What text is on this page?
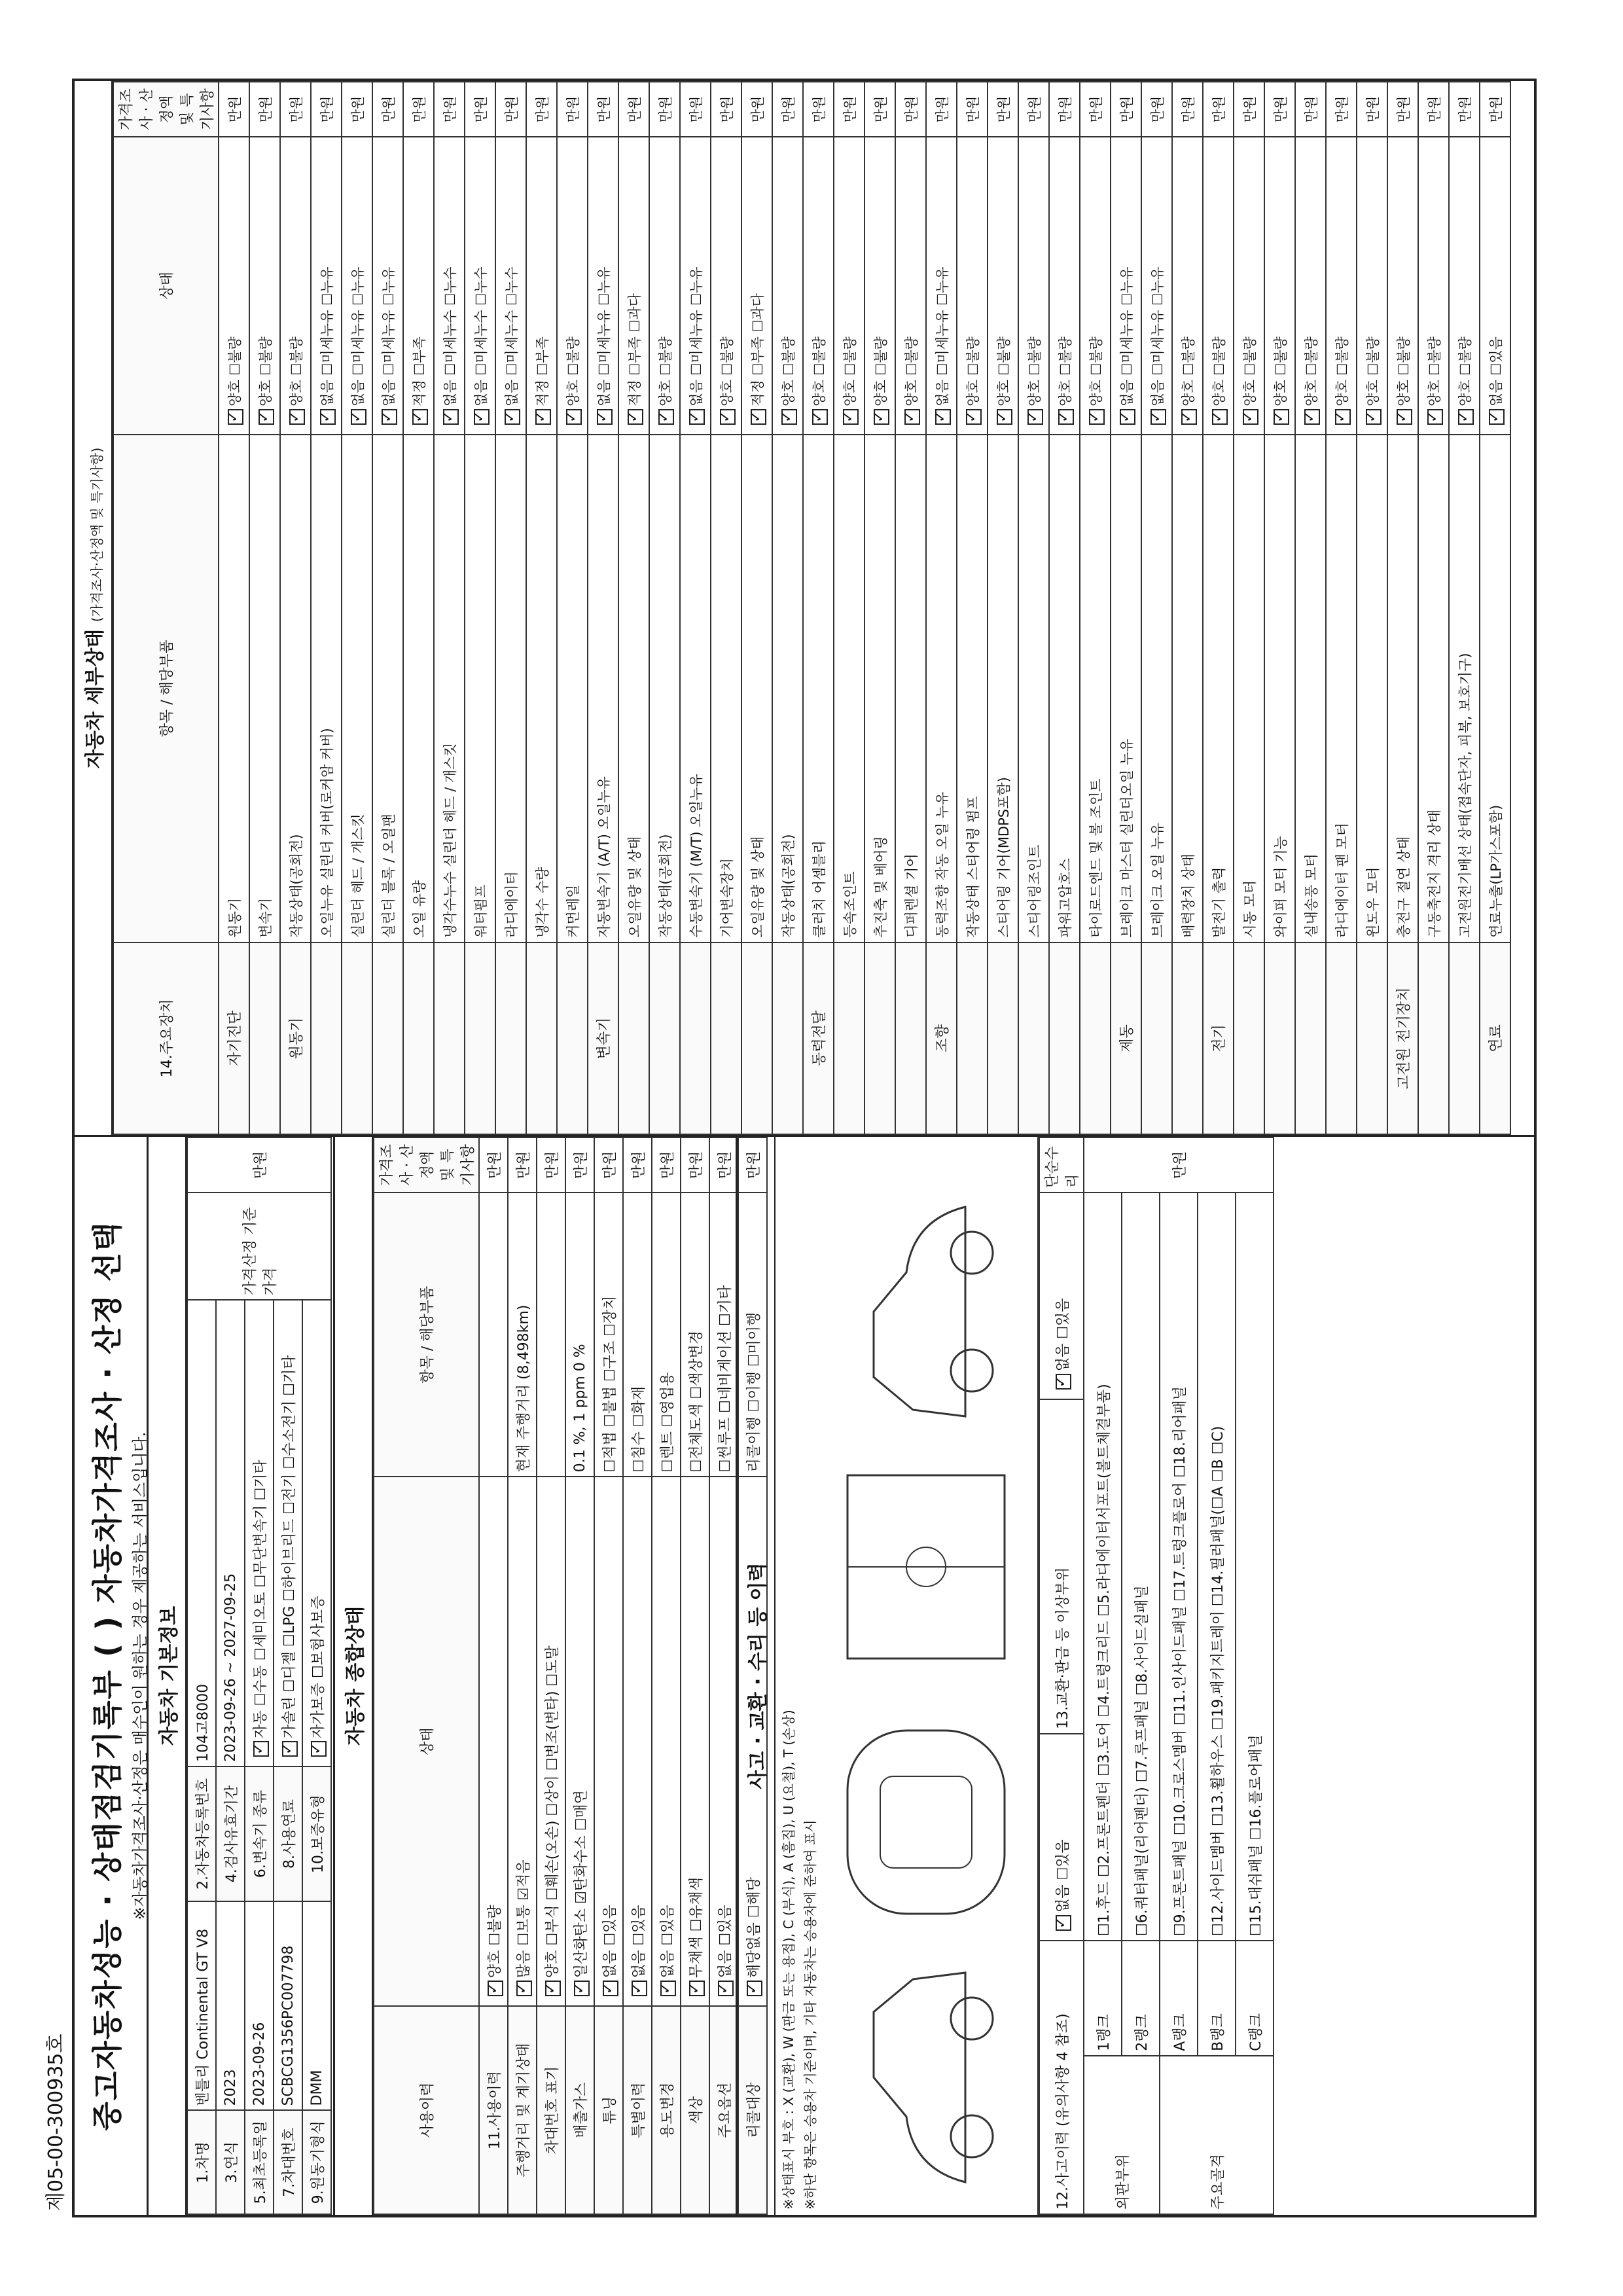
제05-00-300935호 중고자동차성능 · 상태점검기록부 ( ) 자동차가격조사 · 산정 선택 ※자동차가격조사·산정은 매수인이 원하는 경우 제공하는 서비스입니다. 자동차 기본정보
1.차명	벤틀리 Continental GT V8	2.자동차등록번호	104고8000	가격산정 기준가격	만원
3.연식	2023	4.검사유효기간	2023-09-26 ~ 2027-09-25		
5.최초등록일	2023-09-26	6.변속기 종류	✓자동 ☐수동 ☐세미오토 ☐무단변속기 ☐기타
7.차대번호	SCBCG1356PC007798	8.사용연료	✓가솔린 ☐디젤 ☐LPG ☐하이브리드 ☐전기 ☐수소전기 ☐기타
9.원동기형식	DMM	10.보증유형	✓자가보증 ☐보험사보증 자동차 종합상태
사용이력	상태	항목 / 해당부품	가격조사 · 산정액 및 특기사항
11.사용이력	✓양호 ☐불량		만원
주행거리 및 계기상태	✓많음 ☐보통 ☑적음	현재 주행거리 (8,498km)	만원
차대번호 표기	✓양호 ☐부식 ☐훼손(오손) ☐상이 ☐변조(변타) ☐도말		만원
배출가스	✓일산화탄소 ☑탄화수소 ☐매연	0.1 %, 1 ppm 0 %	만원
튜닝	✓없음 ☐있음	☐적법 ☐불법 ☐구조 ☐장치	만원
특별이력	✓없음 ☐있음	☐침수 ☐화재	만원
용도변경	✓없음 ☐있음	☐렌트 ☐영업용	만원
색상	✓무채색 ☐유채색	☐전체도색 ☐색상변경	만원
주요옵션	✓없음 ☐있음	☐썬루프 ☐네비게이션 ☐기타	만원
리콜대상	✓해당없음 ☐해당	리콜이행 ☐이행 ☐미이행	만원
사고 · 교환 · 수리 등 이력
※상태표시 부호 : X (교환), W (판금 또는 용접), C (부식), A (흠집), U (요철), T (손상) ※하단 항목은 승용차 기준이며, 기타 자동차는 승용차에 준하여 표시	12.사고이력 (유의사항 4 참조)	✓없음 ☐있음	13.교환·판금 등 이상부위	✓없음 ☐있음	단순수리
외판부위	1랭크	☐1.후드 ☐2.프론트펜더 ☐3.도어 ☐4.트렁크리드 ☐5.라디에이터서포트(볼트체결부품)			만원
	2랭크	☐6.쿼터패널(리어펜더) ☐7.루프패널 ☐8.사이드실패널			
주요골격	A랭크	☐9.프론트패널 ☐10.크로스멤버 ☐11.인사이드패널 ☐17.트렁크플로어 ☐18.리어패널			
	B랭크	☐12.사이드멤버 ☐13.휠하우스 ☐19.패키지트레이 ☐14.필러패널(☐A ☐B ☐C)			
	C랭크	☐15.대쉬패널 ☐16.플로어패널			
자동차 세부상태 (가격조사·산정액 및 특기사항)
14.주요장치	항목 / 해당부품	상태	가격조사 · 산정액 및 특기사항
자기진단	원동기	✓양호 ☐불량	만원
	변속기	✓양호 ☐불량	만원
원동기	작동상태(공회전)	✓양호 ☐불량	만원
	오일누유 실린더 커버(로커암 커버)	✓없음 ☐미세누유 ☐누유	만원
	실린더 헤드 / 개스킷	✓없음 ☐미세누유 ☐누유	만원
	실린더 블록 / 오일팬	✓없음 ☐미세누유 ☐누유	만원
	오일 유량	✓적정 ☐부족	만원
	냉각수누수 실린더 헤드 / 개스킷	✓없음 ☐미세누수 ☐누수	만원
	워터펌프	✓없음 ☐미세누수 ☐누수	만원
	라디에이터	✓없음 ☐미세누수 ☐누수	만원
	냉각수 수량	✓적정 ☐부족	만원
	커먼레일	✓양호 ☐불량	만원
변속기	자동변속기 (A/T) 오일누유	✓없음 ☐미세누유 ☐누유	만원
	오일유량 및 상태	✓적정 ☐부족 ☐과다	만원
	작동상태(공회전)	✓양호 ☐불량	만원
	수동변속기 (M/T) 오일누유	✓없음 ☐미세누유 ☐누유	만원
	기어변속장치	✓양호 ☐불량	만원
	오일유량 및 상태	✓적정 ☐부족 ☐과다	만원
	작동상태(공회전)	✓양호 ☐불량	만원
동력전달	클러치 어셈블리	✓양호 ☐불량	만원
	등속조인트	✓양호 ☐불량	만원
	추진축 및 베어링	✓양호 ☐불량	만원
	디퍼렌셜 기어	✓양호 ☐불량	만원
조향	동력조향 작동 오일 누유	✓없음 ☐미세누유 ☐누유	만원
	작동상태 스티어링 펌프	✓양호 ☐불량	만원
	스티어링 기어(MDPS포함)	✓양호 ☐불량	만원
	스티어링조인트	✓양호 ☐불량	만원
	파워고압호스	✓양호 ☐불량	만원
	타이로드엔드 및 볼 조인트	✓양호 ☐불량	만원
제동	브레이크 마스터 실린더오일 누유	✓없음 ☐미세누유 ☐누유	만원
	브레이크 오일 누유	✓없음 ☐미세누유 ☐누유	만원
	배력장치 상태	✓양호 ☐불량	만원
전기	발전기 출력	✓양호 ☐불량	만원
	시동 모터	✓양호 ☐불량	만원
	와이퍼 모터 기능	✓양호 ☐불량	만원
	실내송풍 모터	✓양호 ☐불량	만원
	라디에이터 팬 모터	✓양호 ☐불량	만원
	윈도우 모터	✓양호 ☐불량	만원
고전원 전기장치	충전구 절연 상태	✓양호 ☐불량	만원
	구동축전지 격리 상태	✓양호 ☐불량	만원
	고전원전기배선 상태(접속단자, 피복, 보호기구)	✓양호 ☐불량	만원
연료	연료누출(LP가스포함)	✓없음 ☐있음	만원
